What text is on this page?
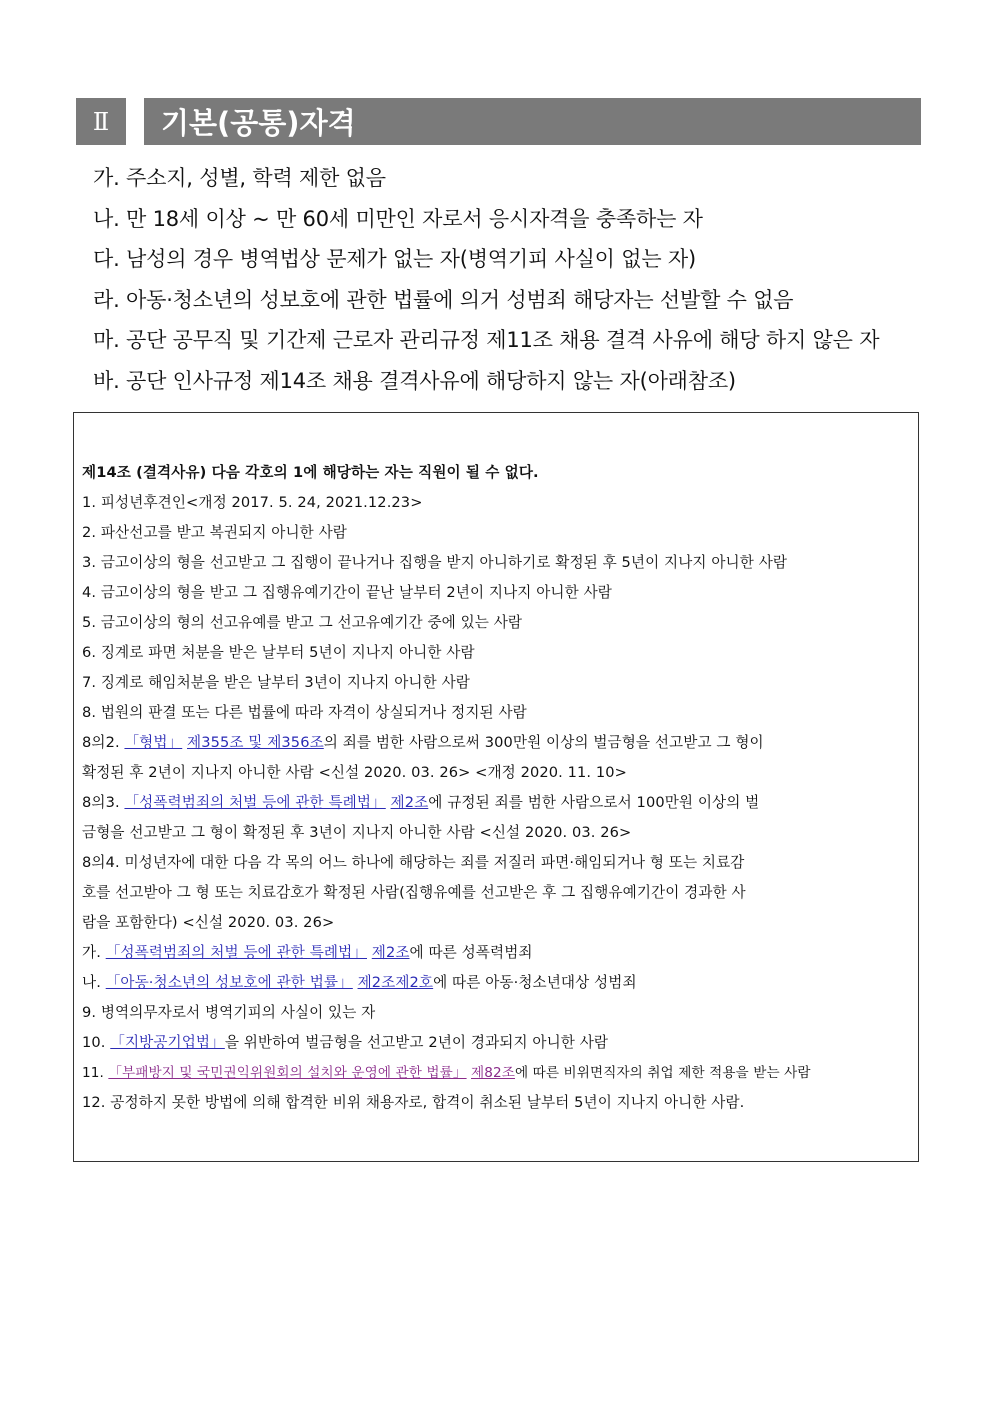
Ⅱ	기본(공통)자격
가. 주소지, 성별, 학력 제한 없음
나. 만 18세 이상 ~ 만 60세 미만인 자로서 응시자격을 충족하는 자
다. 남성의 경우 병역법상 문제가 없는 자(병역기피 사실이 없는 자)
라. 아동·청소년의 성보호에 관한 법률에 의거 성범죄 해당자는 선발할 수 없음
마. 공단 공무직 및 기간제 근로자 관리규정 제11조 채용 결격 사유에 해당 하지 않은 자
바. 공단 인사규정 제14조 채용 결격사유에 해당하지 않는 자(아래참조)
제14조 (결격사유) 다음 각호의 1에 해당하는 자는 직원이 될 수 없다.
1. 피성년후견인<개정 2017. 5. 24, 2021.12.23>
2. 파산선고를 받고 복권되지 아니한 사람
3. 금고이상의 형을 선고받고 그 집행이 끝나거나 집행을 받지 아니하기로 확정된 후 5년이 지나지 아니한 사람
4. 금고이상의 형을 받고 그 집행유예기간이 끝난 날부터 2년이 지나지 아니한 사람
5. 금고이상의 형의 선고유예를 받고 그 선고유예기간 중에 있는 사람
6. 징계로 파면 처분을 받은 날부터 5년이 지나지 아니한 사람
7. 징계로 해임처분을 받은 날부터 3년이 지나지 아니한 사람
8. 법원의 판결 또는 다른 법률에 따라 자격이 상실되거나 정지된 사람
8의2. 「형법」 제355조 및 제356조의 죄를 범한 사람으로써 300만원 이상의 벌금형을 선고받고 그 형이
확정된 후 2년이 지나지 아니한 사람 <신설 2020. 03. 26> <개정 2020. 11. 10>
8의3. 「성폭력범죄의 처벌 등에 관한 특례법」 제2조에 규정된 죄를 범한 사람으로서 100만원 이상의 벌
금형을 선고받고 그 형이 확정된 후 3년이 지나지 아니한 사람 <신설 2020. 03. 26>
8의4. 미성년자에 대한 다음 각 목의 어느 하나에 해당하는 죄를 저질러 파면·해임되거나 형 또는 치료감
호를 선고받아 그 형 또는 치료감호가 확정된 사람(집행유예를 선고받은 후 그 집행유예기간이 경과한 사
람을 포함한다) <신설 2020. 03. 26>
가. 「성폭력범죄의 처벌 등에 관한 특례법」 제2조에 따른 성폭력범죄
나. 「아동·청소년의 성보호에 관한 법률」 제2조제2호에 따른 아동·청소년대상 성범죄
9. 병역의무자로서 병역기피의 사실이 있는 자
10. 「지방공기업법」을 위반하여 벌금형을 선고받고 2년이 경과되지 아니한 사람
11. 「부패방지 및 국민권익위원회의 설치와 운영에 관한 법률」 제82조에 따른 비위면직자의 취업 제한 적용을 받는 사람
12. 공정하지 못한 방법에 의해 합격한 비위 채용자로, 합격이 취소된 날부터 5년이 지나지 아니한 사람.
